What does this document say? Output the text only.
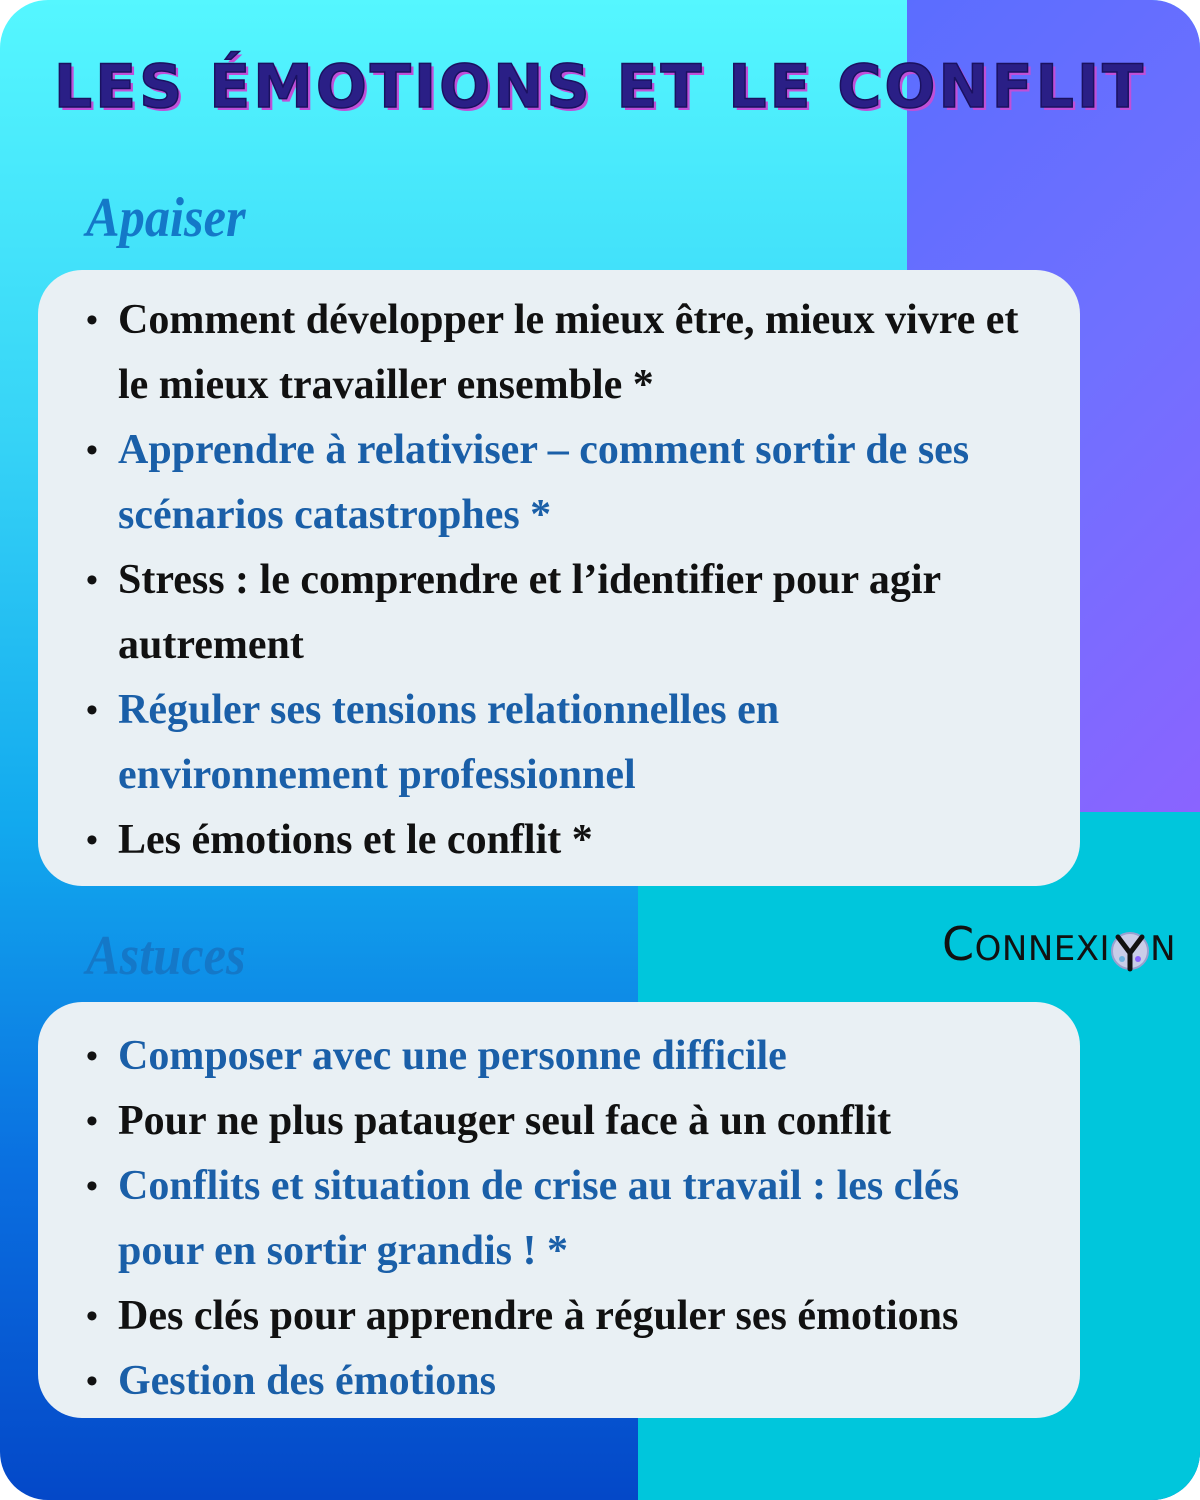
LES ÉMOTIONS ET LE CONFLIT
Apaiser
• Comment développer le mieux être, mieux vivre et le mieux travailler ensemble *
• Apprendre à relativiser – comment sortir de ses scénarios catastrophes *
• Stress : le comprendre et l’identifier pour agir autrement
• Réguler ses tensions relationnelles en environnement professionnel
• Les émotions et le conflit *
Astuces	CONNEXI N
• Composer avec une personne difficile
• Pour ne plus patauger seul face à un conflit
• Conflits et situation de crise au travail : les clés pour en sortir grandis ! *
• Des clés pour apprendre à réguler ses émotions
• Gestion des émotions
